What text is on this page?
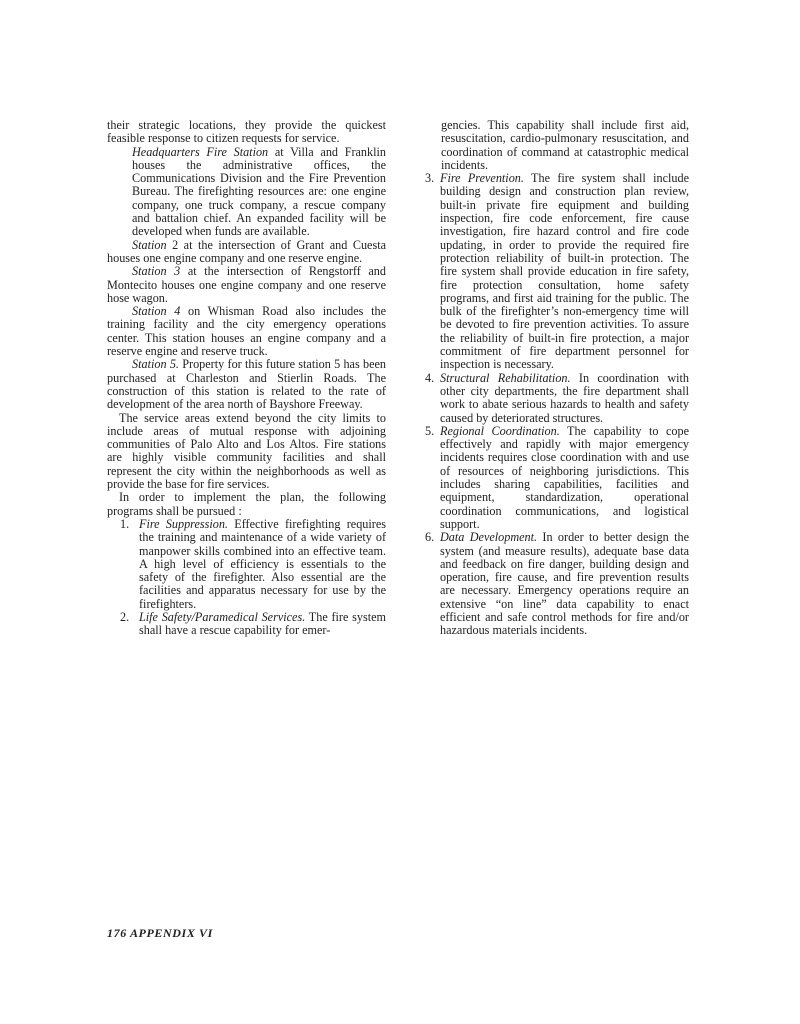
their strategic locations, they provide the quickest feasible response to citizen requests for service.

Headquarters Fire Station at Villa and Franklin houses the administrative offices, the Communications Division and the Fire Prevention Bureau. The firefighting resources are: one engine company, one truck company, a rescue company and battalion chief. An expanded facility will be developed when funds are available.

Station 2 at the intersection of Grant and Cuesta houses one engine company and one reserve engine.

Station 3 at the intersection of Rengstorff and Montecito houses one engine company and one reserve hose wagon.

Station 4 on Whisman Road also includes the training facility and the city emergency operations center. This station houses an engine company and a reserve engine and reserve truck.

Station 5. Property for this future station 5 has been purchased at Charleston and Stierlin Roads. The construction of this station is related to the rate of development of the area north of Bayshore Freeway.

The service areas extend beyond the city limits to include areas of mutual response with adjoining communities of Palo Alto and Los Altos. Fire stations are highly visible community facilities and shall represent the city within the neighborhoods as well as provide the base for fire services.

In order to implement the plan, the following programs shall be pursued :

1. Fire Suppression. Effective firefighting requires the training and maintenance of a wide variety of manpower skills combined into an effective team. A high level of efficiency is essentials to the safety of the firefighter. Also essential are the facilities and apparatus necessary for use by the firefighters.

2. Life Safety/Paramedical Services. The fire system shall have a rescue capability for emer-

gencies. This capability shall include first aid, resuscitation, cardio-pulmonary resuscitation, and coordination of command at catastrophic medical incidents.

3. Fire Prevention. The fire system shall include building design and construction plan review, built-in private fire equipment and building inspection, fire code enforcement, fire cause investigation, fire hazard control and fire code updating, in order to provide the required fire protection reliability of built-in protection. The fire system shall provide education in fire safety, fire protection consultation, home safety programs, and first aid training for the public. The bulk of the firefighter’s non-emergency time will be devoted to fire prevention activities. To assure the reliability of built-in fire protection, a major commitment of fire department personnel for inspection is necessary.

4. Structural Rehabilitation. In coordination with other city departments, the fire department shall work to abate serious hazards to health and safety caused by deteriorated structures.

5. Regional Coordination. The capability to cope effectively and rapidly with major emergency incidents requires close coordination with and use of resources of neighboring jurisdictions. This includes sharing capabilities, facilities and equipment, standardization, operational coordination communications, and logistical support.

6. Data Development. In order to better design the system (and measure results), adequate base data and feedback on fire danger, building design and operation, fire cause, and fire prevention results are necessary. Emergency operations require an extensive “on line” data capability to enact efficient and safe control methods for fire and/or hazardous materials incidents.

176 APPENDIX VI
